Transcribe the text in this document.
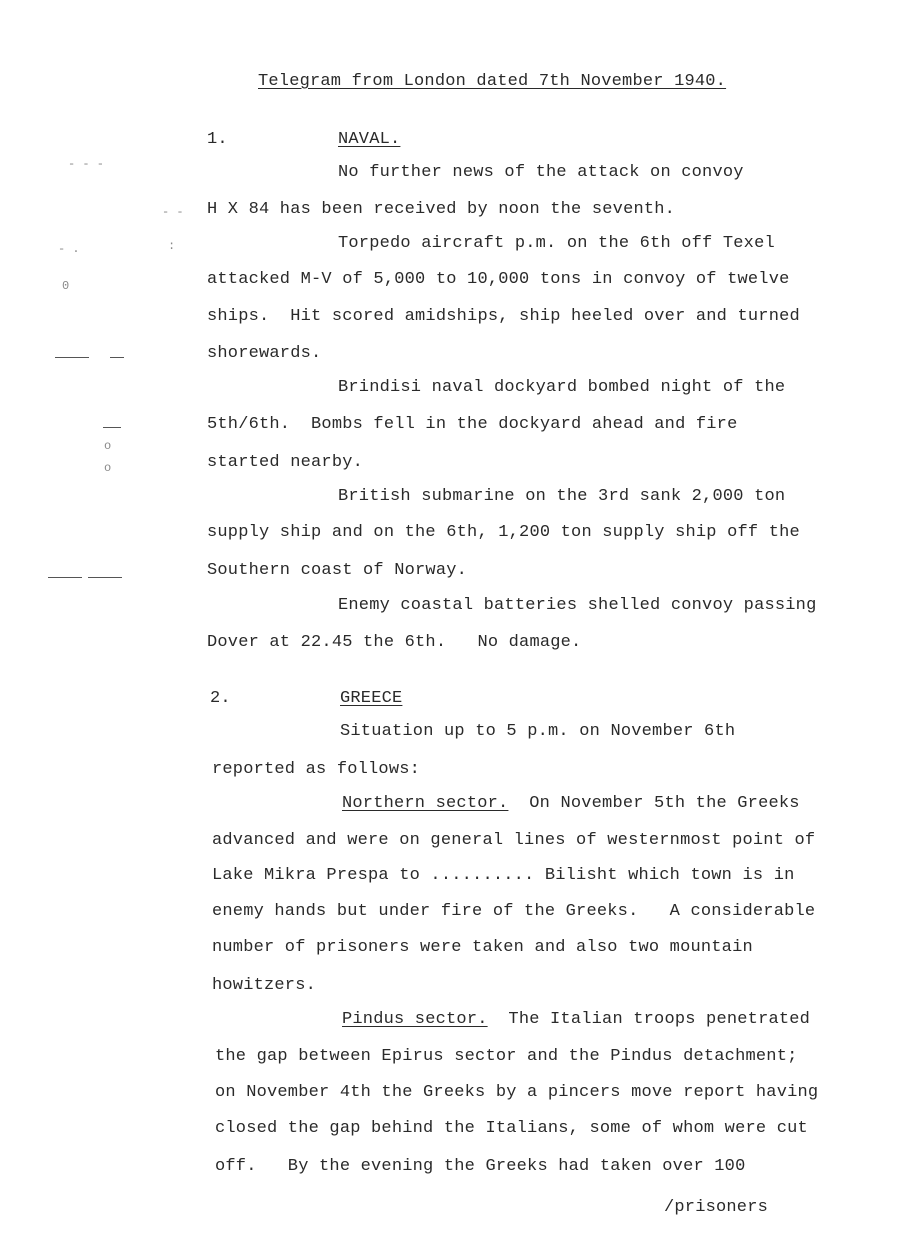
Telegram from London dated 7th November 1940.
1.	NAVAL.
No further news of the attack on convoy
H X 84 has been received by noon the seventh.
Torpedo aircraft p.m. on the 6th off Texel
attacked M-V of 5,000 to 10,000 tons in convoy of twelve
ships.  Hit scored amidships, ship heeled over and turned
shorewards.
Brindisi naval dockyard bombed night of the
5th/6th.  Bombs fell in the dockyard ahead and fire
started nearby.
British submarine on the 3rd sank 2,000 ton
supply ship and on the 6th, 1,200 ton supply ship off the
Southern coast of Norway.
Enemy coastal batteries shelled convoy passing
Dover at 22.45 the 6th.   No damage.
2.	GREECE
Situation up to 5 p.m. on November 6th
reported as follows:
Northern sector.  On November 5th the Greeks
advanced and were on general lines of westernmost point of
Lake Mikra Prespa to .......... Bilisht which town is in
enemy hands but under fire of the Greeks.   A considerable
number of prisoners were taken and also two mountain
howitzers.
Pindus sector.  The Italian troops penetrated
the gap between Epirus sector and the Pindus detachment;
on November 4th the Greeks by a pincers move report having
closed the gap behind the Italians, some of whom were cut
off.   By the evening the Greeks had taken over 100
/prisoners
- - -
- -
- .	:
0
o
o
